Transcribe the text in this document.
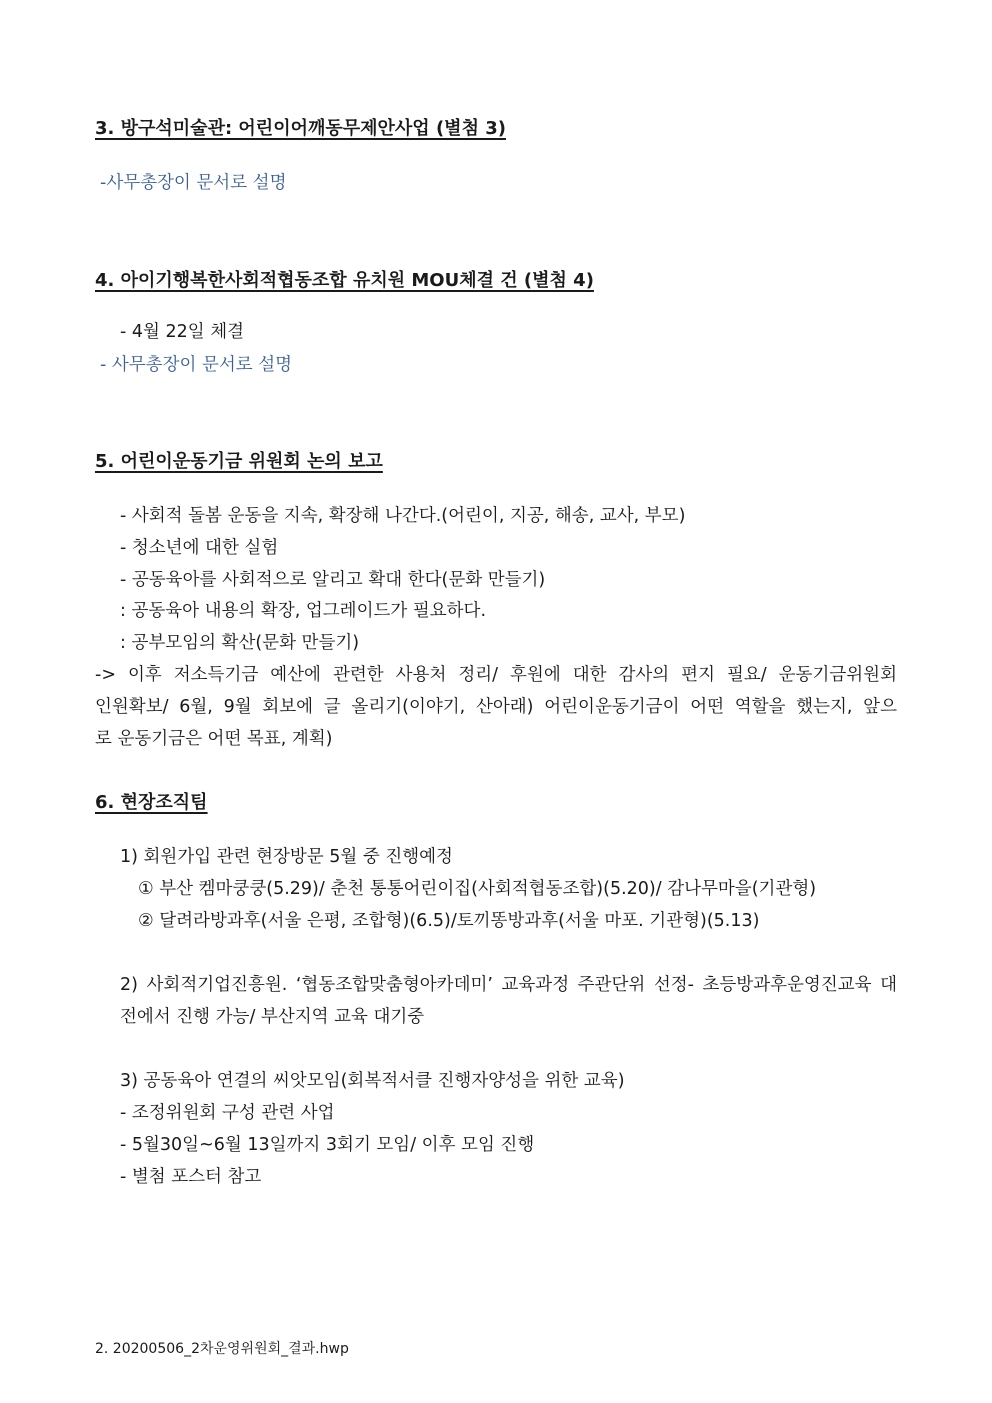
3. 방구석미술관: 어린이어깨동무제안사업 (별첨 3)
-사무총장이 문서로 설명
4. 아이기행복한사회적협동조합 유치원 MOU체결 건 (별첨 4)
- 4월 22일 체결
- 사무총장이 문서로 설명
5. 어린이운동기금 위원회 논의 보고
- 사회적 돌봄 운동을 지속, 확장해 나간다.(어린이, 지공, 해송, 교사, 부모)
- 청소년에 대한 실험
- 공동육아를 사회적으로 알리고 확대 한다(문화 만들기)
: 공동육아 내용의 확장, 업그레이드가 필요하다.
: 공부모임의 확산(문화 만들기)
-> 이후 저소득기금 예산에 관련한 사용처 정리/ 후원에 대한 감사의 편지 필요/ 운동기금위원회
인원확보/ 6월, 9월 회보에 글 올리기(이야기, 산아래) 어린이운동기금이 어떤 역할을 했는지, 앞으
로 운동기금은 어떤 목표, 계획)
6. 현장조직팀
1) 회원가입 관련 현장방문 5월 중 진행예정
① 부산 켐마쿵쿵(5.29)/ 춘천 통통어린이집(사회적협동조합)(5.20)/ 감나무마을(기관형)
② 달려라방과후(서울 은평, 조합형)(6.5)/토끼똥방과후(서울 마포. 기관형)(5.13)
2) 사회적기업진흥원. ‘협동조합맞춤형아카데미’ 교육과정 주관단위 선정- 초등방과후운영진교육 대
전에서 진행 가능/ 부산지역 교육 대기중
3) 공동육아 연결의 씨앗모임(회복적서클 진행자양성을 위한 교육)
- 조정위원회 구성 관련 사업
- 5월30일~6월 13일까지 3회기 모임/ 이후 모임 진행
- 별첨 포스터 참고
2. 20200506_2차운영위원회_결과.hwp
